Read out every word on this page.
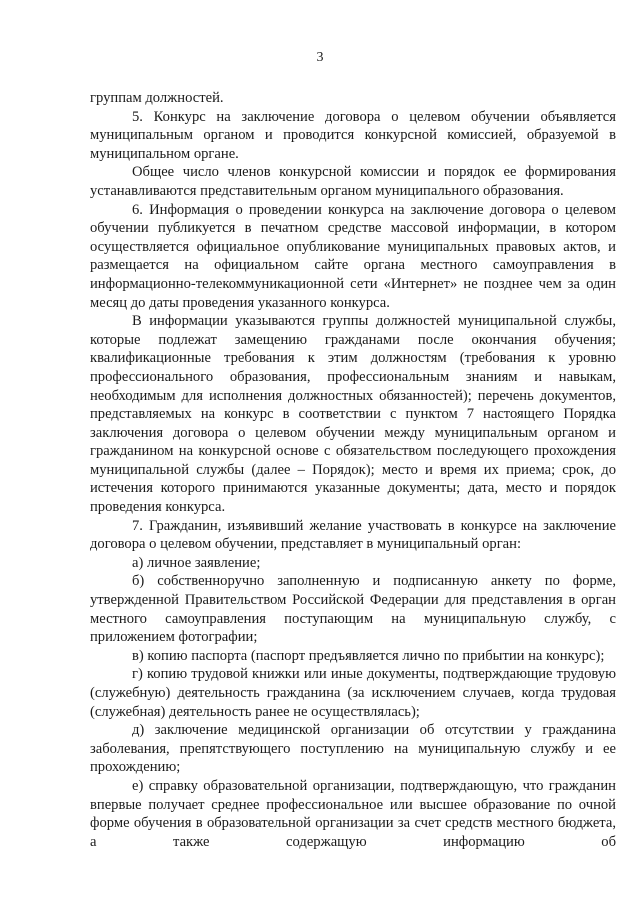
3

группам должностей.

5. Конкурс на заключение договора о целевом обучении объявляется муниципальным органом и проводится конкурсной комиссией, образуемой в муниципальном органе.

Общее число членов конкурсной комиссии и порядок ее формирования устанавливаются представительным органом муниципального образования.

6. Информация о проведении конкурса на заключение договора о целевом обучении публикуется в печатном средстве массовой информации, в котором осуществляется официальное опубликование муниципальных правовых актов, и размещается на официальном сайте органа местного самоуправления в информационно-телекоммуникационной сети «Интернет» не позднее чем за один месяц до даты проведения указанного конкурса.

В информации указываются группы должностей муниципальной службы, которые подлежат замещению гражданами после окончания обучения; квалификационные требования к этим должностям (требования к уровню профессионального образования, профессиональным знаниям и навыкам, необходимым для исполнения должностных обязанностей); перечень документов, представляемых на конкурс в соответствии с пунктом 7 настоящего Порядка заключения договора о целевом обучении между муниципальным органом и гражданином на конкурсной основе с обязательством последующего прохождения муниципальной службы (далее – Порядок); место и время их приема; срок, до истечения которого принимаются указанные документы; дата, место и порядок проведения конкурса.

7. Гражданин, изъявивший желание участвовать в конкурсе на заключение договора о целевом обучении, представляет в муниципальный орган:

а) личное заявление;

б) собственноручно заполненную и подписанную анкету по форме, утвержденной Правительством Российской Федерации для представления в орган местного самоуправления поступающим на муниципальную службу, с приложением фотографии;

в) копию паспорта (паспорт предъявляется лично по прибытии на конкурс);

г) копию трудовой книжки или иные документы, подтверждающие трудовую (служебную) деятельность гражданина (за исключением случаев, когда трудовая (служебная) деятельность ранее не осуществлялась);

д) заключение медицинской организации об отсутствии у гражданина заболевания, препятствующего поступлению на муниципальную службу и ее прохождению;

е) справку образовательной организации, подтверждающую, что гражданин впервые получает среднее профессиональное или высшее образование по очной форме обучения в образовательной организации за счет средств местного бюджета, а также содержащую информацию об
